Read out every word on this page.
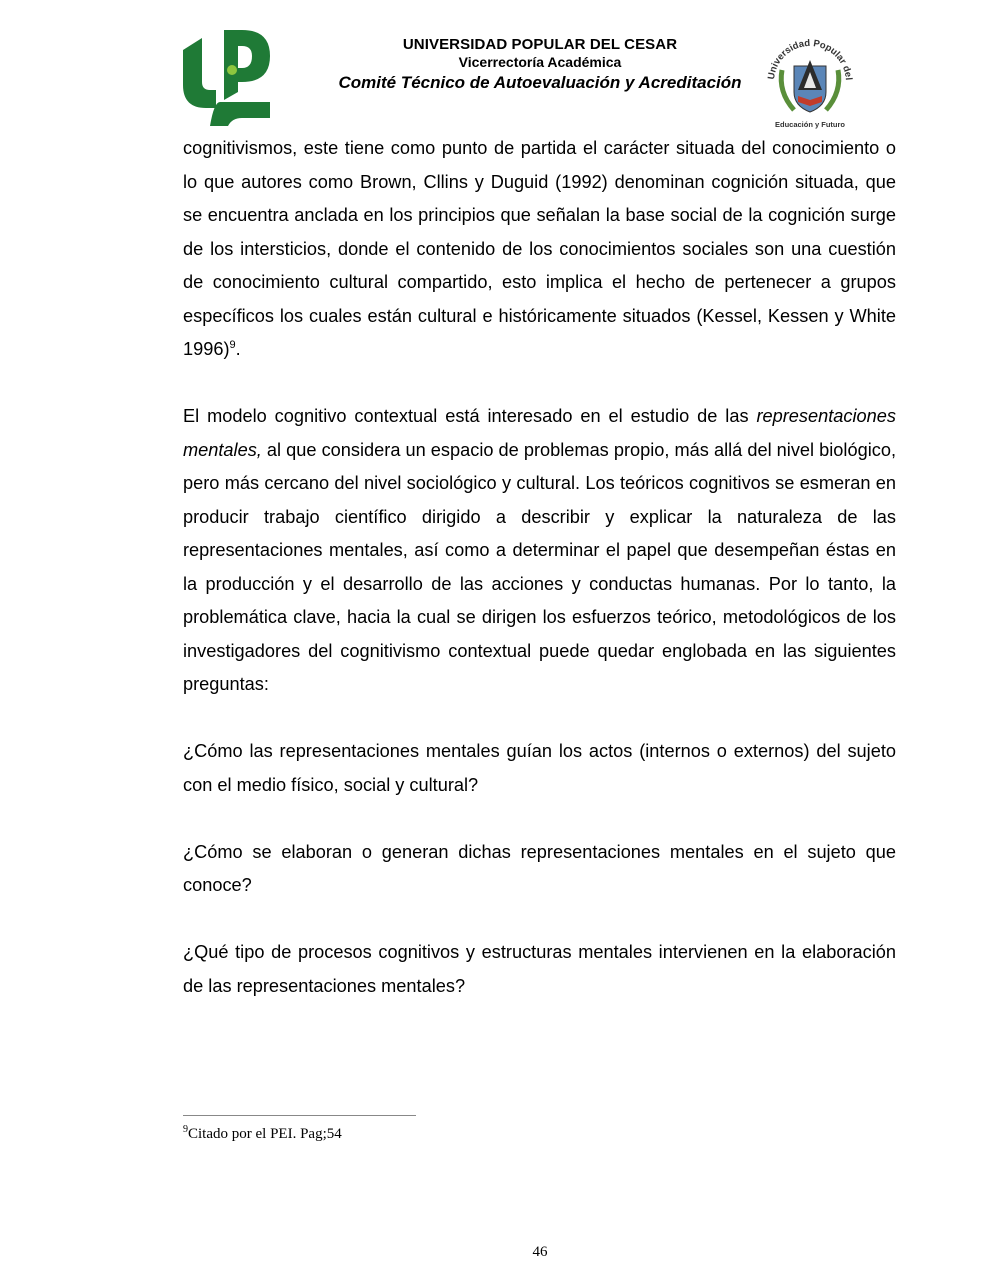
UNIVERSIDAD POPULAR DEL CESAR
Vicerrectoría Académica
Comité Técnico de Autoevaluación y Acreditación	Universidad Popular del
Educación y Futuro

cognitivismos, este tiene como punto de partida el carácter situada del conocimiento o lo que autores como Brown, Cllins y Duguid (1992) denominan cognición situada, que se encuentra anclada en los principios que señalan la base social de la cognición surge de los intersticios, donde el contenido de los conocimientos sociales son una cuestión de conocimiento cultural compartido, esto implica el hecho de pertenecer a grupos específicos los cuales están cultural e históricamente situados (Kessel, Kessen y White 1996)$^9$.

El modelo cognitivo contextual está interesado en el estudio de las representaciones mentales, al que considera un espacio de problemas propio, más allá del nivel biológico, pero más cercano del nivel sociológico y cultural. Los teóricos cognitivos se esmeran en producir trabajo científico dirigido a describir y explicar la naturaleza de las representaciones mentales, así como a determinar el papel que desempeñan éstas en la producción y el desarrollo de las acciones y conductas humanas. Por lo tanto, la problemática clave, hacia la cual se dirigen los esfuerzos teórico, metodológicos de los investigadores del cognitivismo contextual puede quedar englobada en las siguientes preguntas:

¿Cómo las representaciones mentales guían los actos (internos o externos) del sujeto con el medio físico, social y cultural?

¿Cómo se elaboran o generan dichas representaciones mentales en el sujeto que conoce?

¿Qué tipo de procesos cognitivos y estructuras mentales intervienen en la elaboración de las representaciones mentales?

$^9$Citado por el PEI. Pag;54
46
